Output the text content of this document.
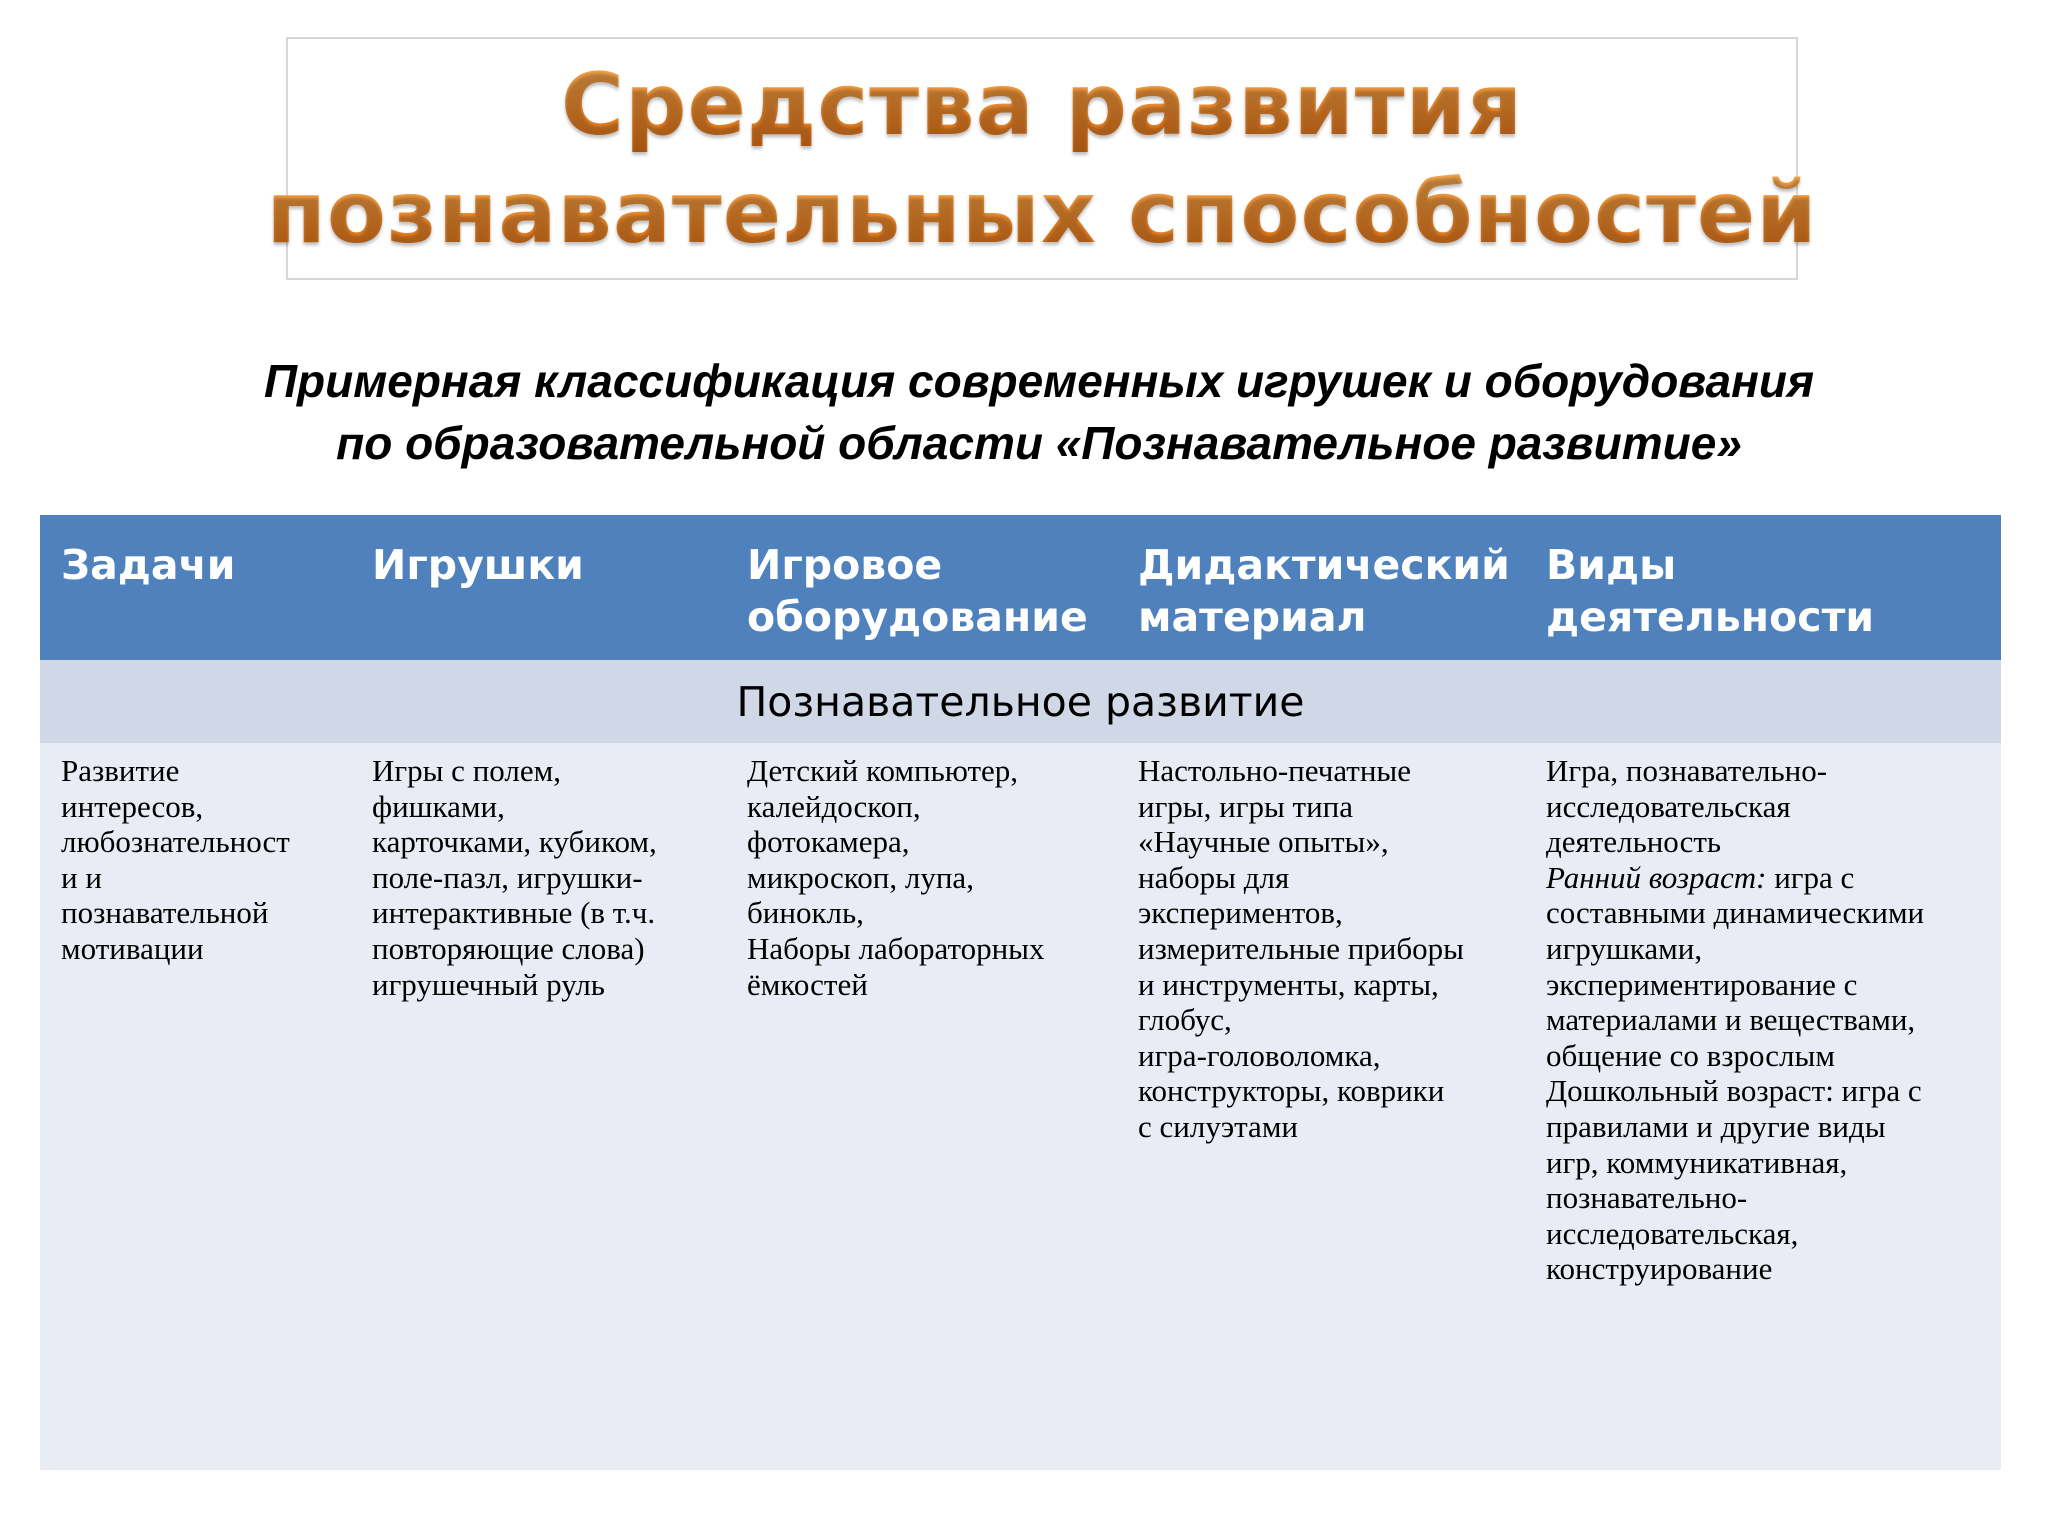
Средства развития
познавательных способностей
Примерная классификация современных игрушек и оборудования
по образовательной области «Познавательное развитие»
Задачи	Игрушки	Игровое
оборудование
Дидактический
материал
Виды
деятельности
Познавательное развитие
Развитие
интересов,
любознательност
и и
познавательной
мотивации
Игры с полем,
фишками,
карточками, кубиком,
поле-пазл, игрушки-
интерактивные (в т.ч.
повторяющие слова)
игрушечный руль
Детский компьютер,
калейдоскоп,
фотокамера,
микроскоп, лупа,
бинокль,
Наборы лабораторных
ёмкостей
Настольно-печатные
игры, игры типа
«Научные опыты»,
наборы для
экспериментов,
измерительные приборы
и инструменты, карты,
глобус,
игра-головоломка,
конструкторы, коврики
с силуэтами
Игра, познавательно-
исследовательская
деятельность
Ранний возраст: игра с
составными динамическими
игрушками,
экспериментирование с
материалами и веществами,
общение со взрослым
Дошкольный возраст: игра с
правилами и другие виды
игр, коммуникативная,
познавательно-
исследовательская,
конструирование
